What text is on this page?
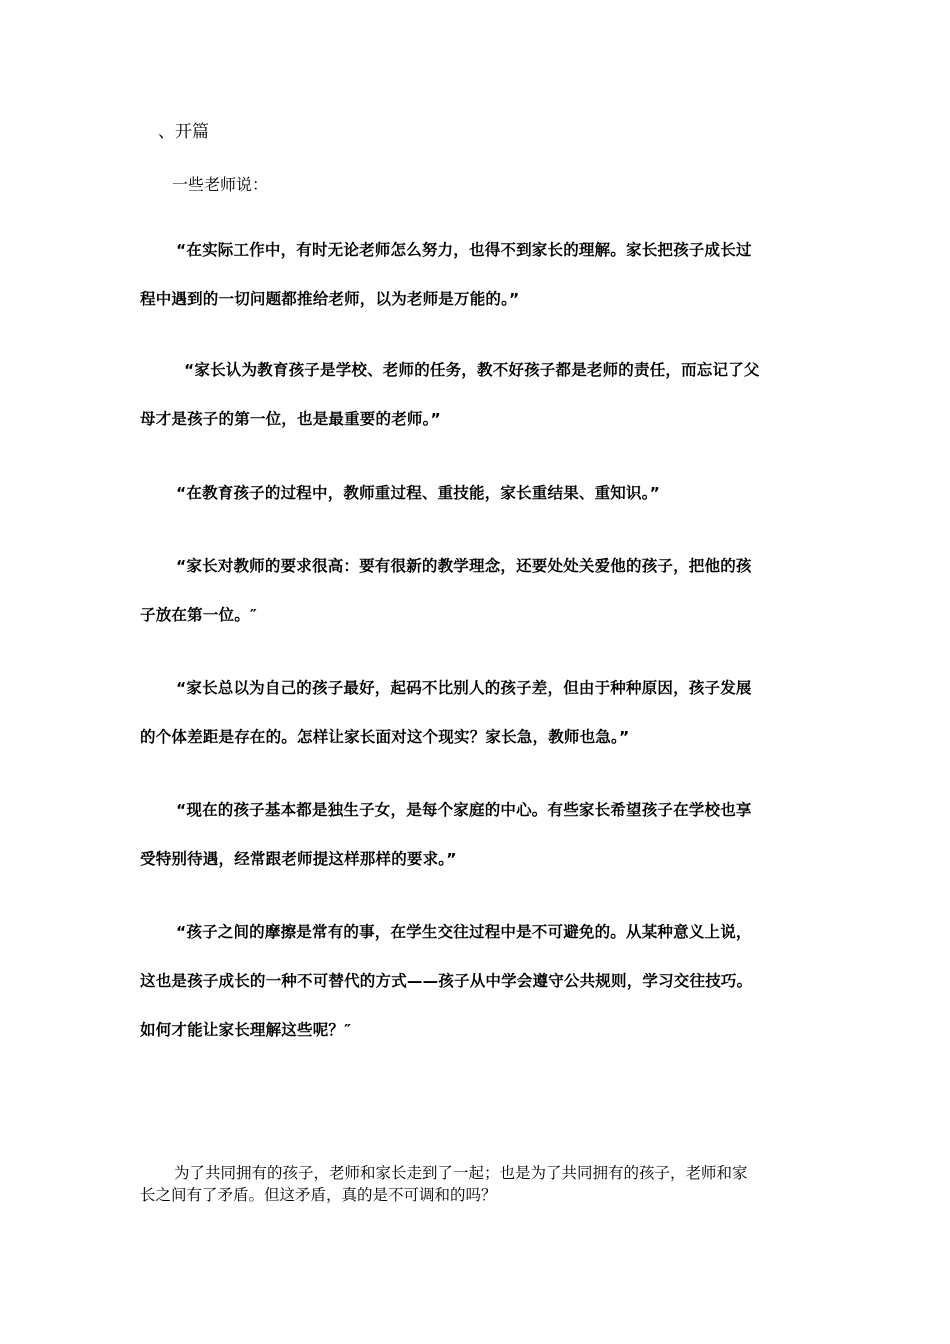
、开篇
一些老师说：
“在实际工作中，有时无论老师怎么努力，也得不到家长的理解。家长把孩子成长过
程中遇到的一切问题都推给老师，以为老师是万能的。”
“家长认为教育孩子是学校、老师的任务，教不好孩子都是老师的责任，而忘记了父
母才是孩子的第一位，也是最重要的老师。”
“在教育孩子的过程中，教师重过程、重技能，家长重结果、重知识。”
“家长对教师的要求很高：要有很新的教学理念，还要处处关爱他的孩子，把他的孩
子放在第一位。″
“家长总以为自己的孩子最好，起码不比别人的孩子差，但由于种种原因，孩子发展
的个体差距是存在的。怎样让家长面对这个现实？家长急，教师也急。”
“现在的孩子基本都是独生子女，是每个家庭的中心。有些家长希望孩子在学校也享
受特别待遇，经常跟老师提这样那样的要求。”
“孩子之间的摩擦是常有的事，在学生交往过程中是不可避免的。从某种意义上说，
这也是孩子成长的一种不可替代的方式——孩子从中学会遵守公共规则，学习交往技巧。
如何才能让家长理解这些呢？″
为了共同拥有的孩子，老师和家长走到了一起；也是为了共同拥有的孩子，老师和家
长之间有了矛盾。但这矛盾，真的是不可调和的吗？
